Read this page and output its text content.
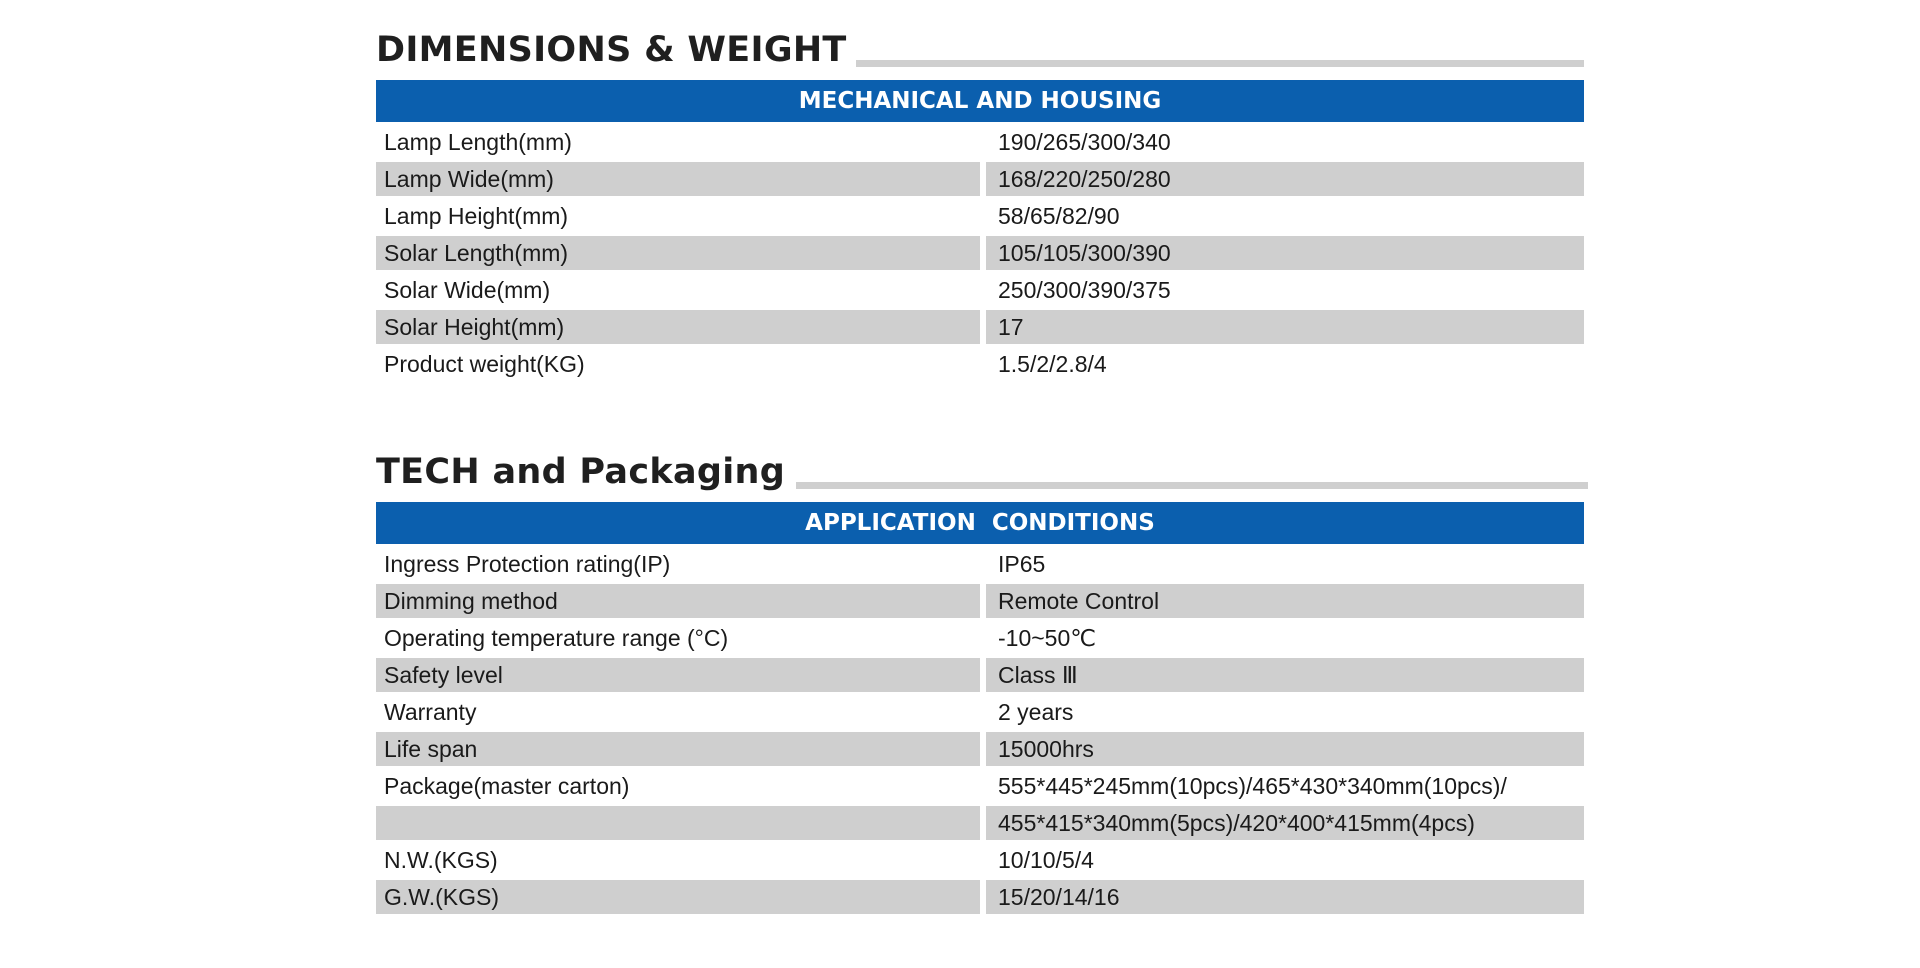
DIMENSIONS & WEIGHT
MECHANICAL AND HOUSING
Lamp Length(mm)	190/265/300/340
Lamp Wide(mm)	168/220/250/280
Lamp Height(mm)	58/65/82/90
Solar Length(mm)	105/105/300/390
Solar Wide(mm)	250/300/390/375
Solar Height(mm)	17
Product weight(KG)	1.5/2/2.8/4
TECH and Packaging
APPLICATION  CONDITIONS
Ingress Protection rating(IP)	IP65
Dimming method	Remote Control
Operating temperature range (°C)	-10~50℃
Safety level	Class Ⅲ
Warranty	2 years
Life span	15000hrs
Package(master carton)	555*445*245mm(10pcs)/465*430*340mm(10pcs)/
455*415*340mm(5pcs)/420*400*415mm(4pcs)
N.W.(KGS)	10/10/5/4
G.W.(KGS)	15/20/14/16
